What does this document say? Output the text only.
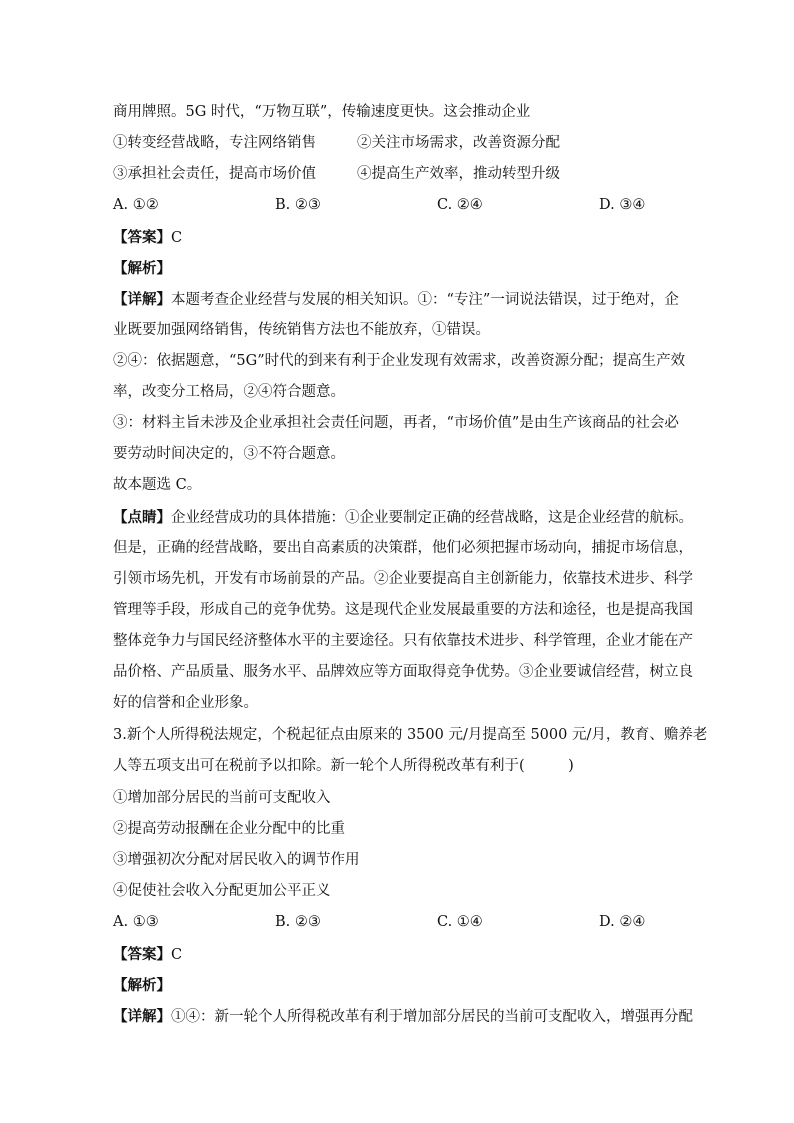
商用牌照。5G 时代，“万物互联”，传输速度更快。这会推动企业
①转变经营战略，专注网络销售	②关注市场需求，改善资源分配
③承担社会责任，提高市场价值	④提高生产效率，推动转型升级
A. ①②	B. ②③	C. ②④	D. ③④
【答案】C
【解析】
【详解】本题考查企业经营与发展的相关知识。①：“专注”一词说法错误，过于绝对，企
业既要加强网络销售，传统销售方法也不能放弃，①错误。
②④：依据题意，“5G”时代的到来有利于企业发现有效需求，改善资源分配；提高生产效
率，改变分工格局，②④符合题意。
③：材料主旨未涉及企业承担社会责任问题，再者，“市场价值”是由生产该商品的社会必
要劳动时间决定的，③不符合题意。
故本题选 C。
【点睛】企业经营成功的具体措施：①企业要制定正确的经营战略，这是企业经营的航标。
但是，正确的经营战略，要出自高素质的决策群，他们必须把握市场动向，捕捉市场信息，
引领市场先机，开发有市场前景的产品。②企业要提高自主创新能力，依靠技术进步、科学
管理等手段，形成自己的竞争优势。这是现代企业发展最重要的方法和途径，也是提高我国
整体竞争力与国民经济整体水平的主要途径。只有依靠技术进步、科学管理，企业才能在产
品价格、产品质量、服务水平、品牌效应等方面取得竞争优势。③企业要诚信经营，树立良
好的信誉和企业形象。
3.新个人所得税法规定，个税起征点由原来的 3500 元/月提高至 5000 元/月，教育、赡养老
人等五项支出可在税前予以扣除。新一轮个人所得税改革有利于(　　　)
①增加部分居民的当前可支配收入
②提高劳动报酬在企业分配中的比重
③增强初次分配对居民收入的调节作用
④促使社会收入分配更加公平正义
A. ①③	B. ②③	C. ①④	D. ②④
【答案】C
【解析】
【详解】①④：新一轮个人所得税改革有利于增加部分居民的当前可支配收入，增强再分配
